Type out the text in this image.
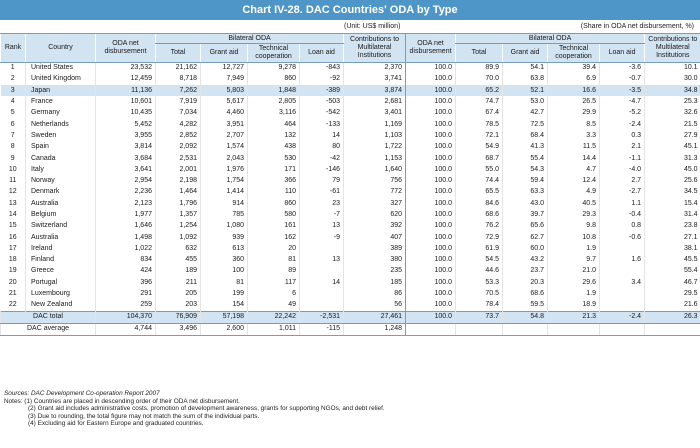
Chart IV-28. DAC Countries' ODA by Type
(Unit: US$ million)	(Share in ODA net disbursement, %)
Rank	Country	ODA net disbursement	Bilateral ODA				Contributions to Multilateral Institutions	ODA net disbursement	Bilateral ODA				Contributions to Multilateral Institutions
			Total	Grant aid	Technical cooperation	Loan aid			Total	Grant aid	Technical cooperation	Loan aid	
1	United States	23,532	21,162	12,727	9,278	-843	2,370	100.0	89.9	54.1	39.4	-3.6	10.1
2	United Kingdom	12,459	8,718	7,949	860	-92	3,741	100.0	70.0	63.8	6.9	-0.7	30.0
3	Japan	11,136	7,262	5,803	1,848	-389	3,874	100.0	65.2	52.1	16.6	-3.5	34.8
4	France	10,601	7,919	5,617	2,805	-503	2,681	100.0	74.7	53.0	26.5	-4.7	25.3
5	Germany	10,435	7,034	4,460	3,116	-542	3,401	100.0	67.4	42.7	29.9	-5.2	32.6
6	Netherlands	5,452	4,282	3,951	464	-133	1,169	100.0	78.5	72.5	8.5	-2.4	21.5
7	Sweden	3,955	2,852	2,707	132	14	1,103	100.0	72.1	68.4	3.3	0.3	27.9
8	Spain	3,814	2,092	1,574	438	80	1,722	100.0	54.9	41.3	11.5	2.1	45.1
9	Canada	3,684	2,531	2,043	530	-42	1,153	100.0	68.7	55.4	14.4	-1.1	31.3
10	Italy	3,641	2,001	1,976	171	-146	1,640	100.0	55.0	54.3	4.7	-4.0	45.0
11	Norway	2,954	2,198	1,754	366	79	756	100.0	74.4	59.4	12.4	2.7	25.6
12	Denmark	2,236	1,464	1,414	110	-61	772	100.0	65.5	63.3	4.9	-2.7	34.5
13	Australia	2,123	1,796	914	860	23	327	100.0	84.6	43.0	40.5	1.1	15.4
14	Belgium	1,977	1,357	785	580	-7	620	100.0	68.6	39.7	29.3	-0.4	31.4
15	Switzerland	1,646	1,254	1,080	161	13	392	100.0	76.2	65.6	9.8	0.8	23.8
16	Australia	1,498	1,092	939	162	-9	407	100.0	72.9	62.7	10.8	-0.6	27.1
17	Ireland	1,022	632	613	20		389	100.0	61.9	60.0	1.9		38.1
18	Finland	834	455	360	81	13	380	100.0	54.5	43.2	9.7	1.6	45.5
19	Greece	424	189	100	89		235	100.0	44.6	23.7	21.0		55.4
20	Portugal	396	211	81	117	14	185	100.0	53.3	20.3	29.6	3.4	46.7
21	Luxembourg	291	205	199	6		86	100.0	70.5	68.6	1.9		29.5
22	New Zealand	259	203	154	49		56	100.0	78.4	59.5	18.9		21.6
DAC total		104,370	76,909	57,198	22,242	-2,531	27,461	100.0	73.7	54.8	21.3	-2.4	26.3
DAC average		4,744	3,496	2,600	1,011	-115	1,248						
Sources: DAC Development Co-operation Report 2007
Notes: (1) Countries are placed in descending order of their ODA net disbursement.
(2) Grant aid includes administrative costs, promotion of development awareness, grants for supporting NGOs, and debt relief.
(3) Due to rounding, the total figure may not match the sum of the individual parts.
(4) Excluding aid for Eastern Europe and graduated countries.
